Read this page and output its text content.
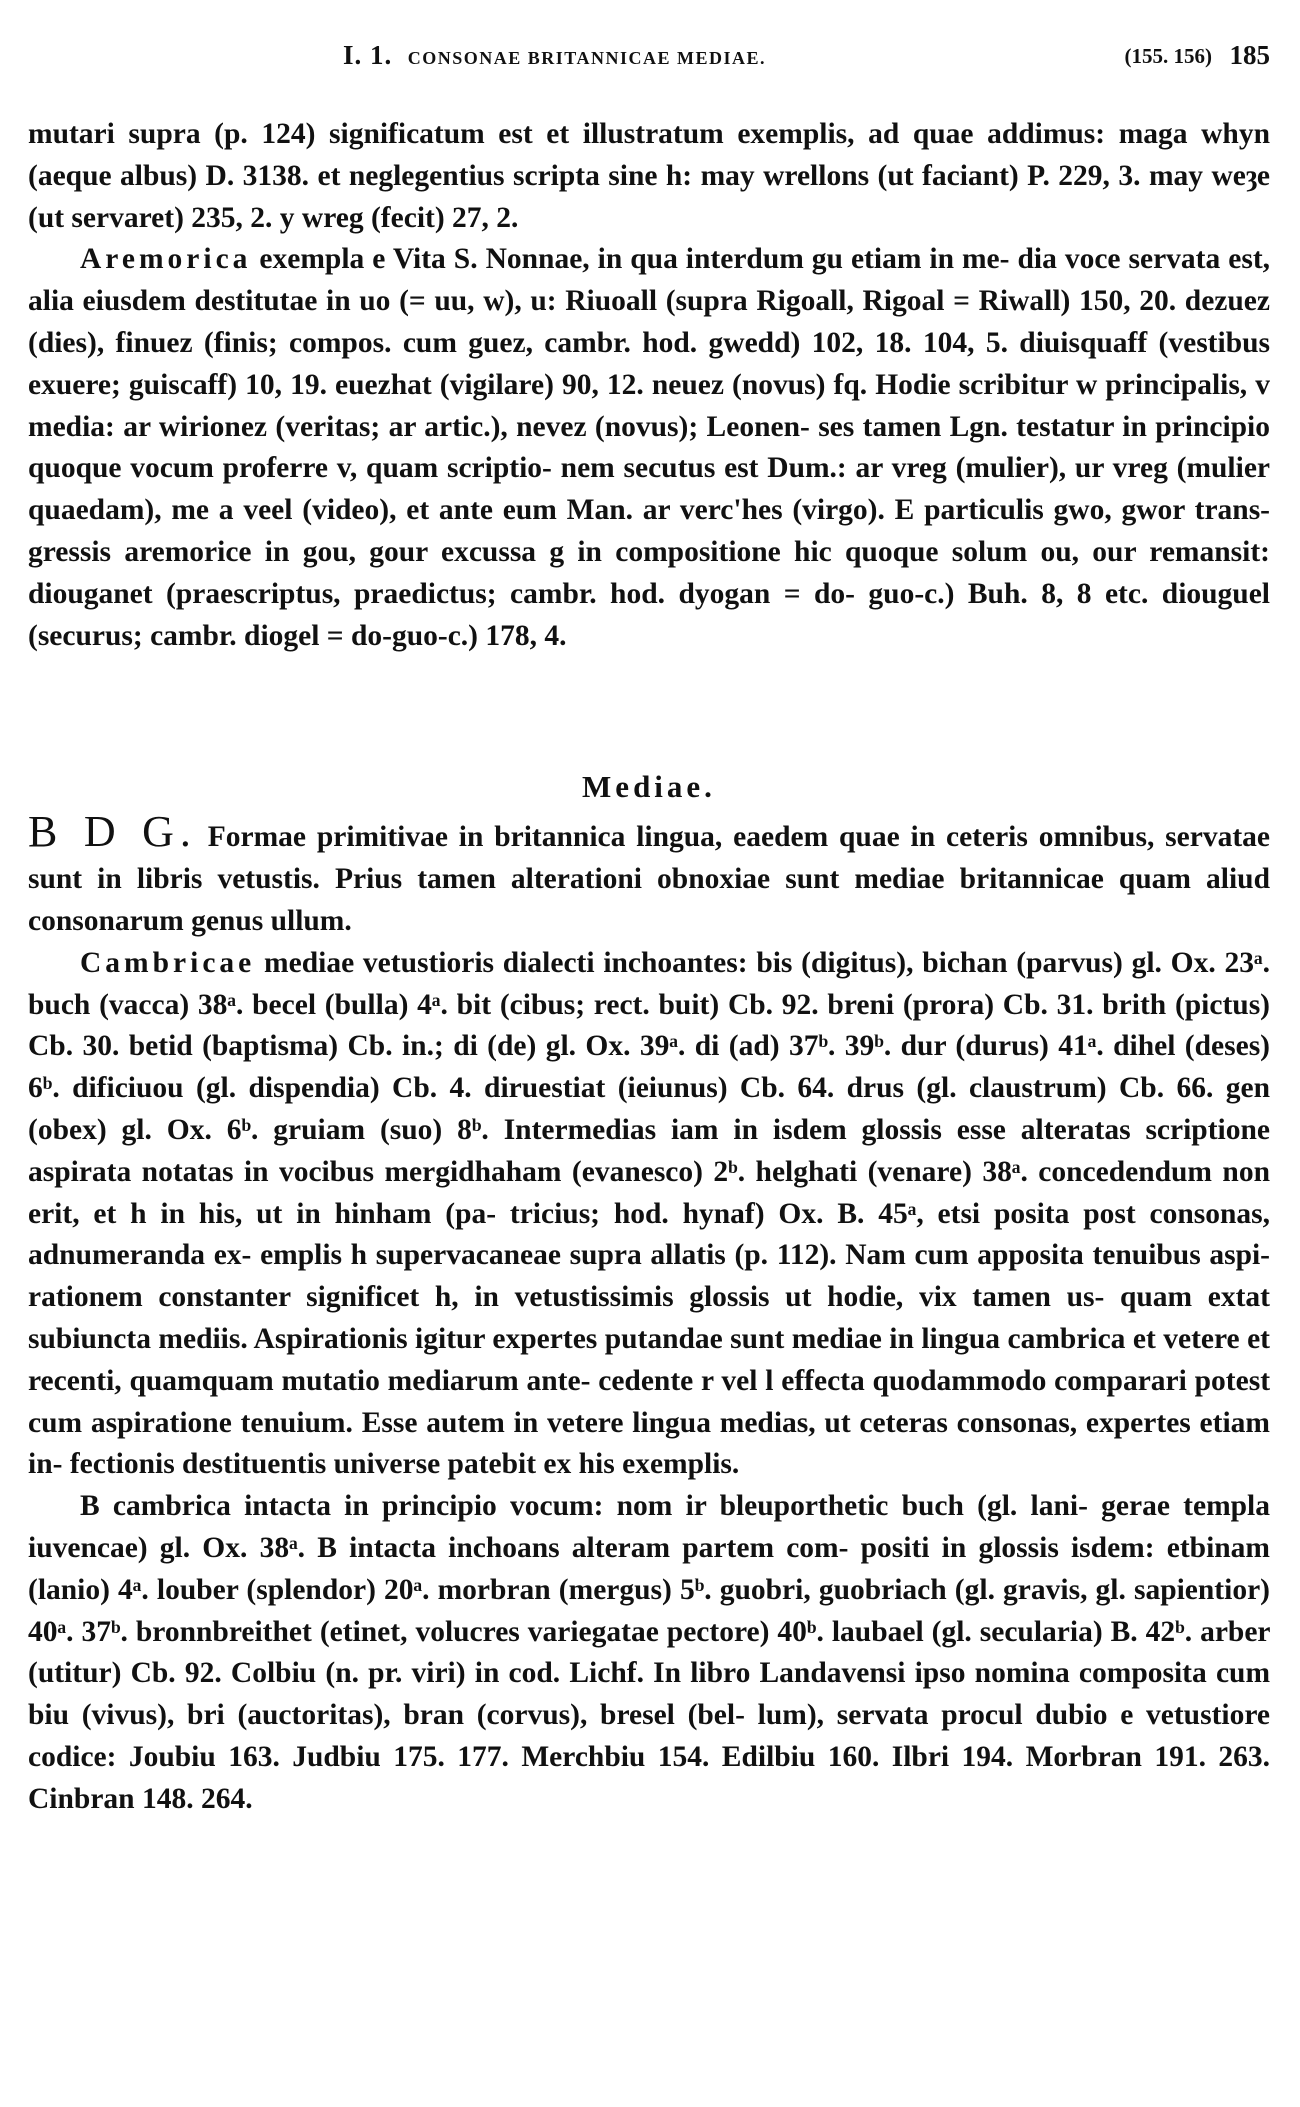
I. 1. CONSONAE BRITANNICAE MEDIAE.	(155. 156) 185

mutari supra (p. 124) significatum est et illustratum exemplis, ad quae addimus: maga whyn (aeque albus) D. 3138. et neglegentius scripta sine h: may wrellons (ut faciant) P. 229, 3. may weȝe (ut servaret) 235, 2. y wreg (fecit) 27, 2.

Aremorica exempla e Vita S. Nonnae, in qua interdum gu etiam in me- dia voce servata est, alia eiusdem destitutae in uo (= uu, w), u: Riuoall (supra Rigoall, Rigoal = Riwall) 150, 20. dezuez (dies), finuez (finis; compos. cum guez, cambr. hod. gwedd) 102, 18. 104, 5. diuisquaff (vestibus exuere; guiscaff) 10, 19. euezhat (vigilare) 90, 12. neuez (novus) fq. Hodie scribitur w principalis, v media: ar wirionez (veritas; ar artic.), nevez (novus); Leonen- ses tamen Lgn. testatur in principio quoque vocum proferre v, quam scriptio- nem secutus est Dum.: ar vreg (mulier), ur vreg (mulier quaedam), me a veel (video), et ante eum Man. ar verc'hes (virgo). E particulis gwo, gwor trans- gressis aremorice in gou, gour excussa g in compositione hic quoque solum ou, our remansit: diouganet (praescriptus, praedictus; cambr. hod. dyogan = do- guo-c.) Buh. 8, 8 etc. diouguel (securus; cambr. diogel = do-guo-c.) 178, 4.

Mediae.

B D G. Formae primitivae in britannica lingua, eaedem quae in ceteris omnibus, servatae sunt in libris vetustis. Prius tamen alterationi obnoxiae sunt mediae britannicae quam aliud consonarum genus ullum.

Cambricae mediae vetustioris dialecti inchoantes: bis (digitus), bichan (parvus) gl. Ox. 23ᵃ. buch (vacca) 38ᵃ. becel (bulla) 4ᵃ. bit (cibus; rect. buit) Cb. 92. breni (prora) Cb. 31. brith (pictus) Cb. 30. betid (baptisma) Cb. in.; di (de) gl. Ox. 39ᵃ. di (ad) 37ᵇ. 39ᵇ. dur (durus) 41ᵃ. dihel (deses) 6ᵇ. dificiuou (gl. dispendia) Cb. 4. diruestiat (ieiunus) Cb. 64. drus (gl. claustrum) Cb. 66. gen (obex) gl. Ox. 6ᵇ. gruiam (suo) 8ᵇ. Intermedias iam in isdem glossis esse alteratas scriptione aspirata notatas in vocibus mergidhaham (evanesco) 2ᵇ. helghati (venare) 38ᵃ. concedendum non erit, et h in his, ut in hinham (pa- tricius; hod. hynaf) Ox. B. 45ᵃ, etsi posita post consonas, adnumeranda ex- emplis h supervacaneae supra allatis (p. 112). Nam cum apposita tenuibus aspi- rationem constanter significet h, in vetustissimis glossis ut hodie, vix tamen us- quam extat subiuncta mediis. Aspirationis igitur expertes putandae sunt mediae in lingua cambrica et vetere et recenti, quamquam mutatio mediarum ante- cedente r vel l effecta quodammodo comparari potest cum aspiratione tenuium. Esse autem in vetere lingua medias, ut ceteras consonas, expertes etiam in- fectionis destituentis universe patebit ex his exemplis.

B cambrica intacta in principio vocum: nom ir bleuporthetic buch (gl. lani- gerae templa iuvencae) gl. Ox. 38ᵃ. B intacta inchoans alteram partem com- positi in glossis isdem: etbinam (lanio) 4ᵃ. louber (splendor) 20ᵃ. morbran (mergus) 5ᵇ. guobri, guobriach (gl. gravis, gl. sapientior) 40ᵃ. 37ᵇ. bronnbreithet (etinet, volucres variegatae pectore) 40ᵇ. laubael (gl. secularia) B. 42ᵇ. arber (utitur) Cb. 92. Colbiu (n. pr. viri) in cod. Lichf. In libro Landavensi ipso nomina composita cum biu (vivus), bri (auctoritas), bran (corvus), bresel (bel- lum), servata procul dubio e vetustiore codice: Joubiu 163. Judbiu 175. 177. Merchbiu 154. Edilbiu 160. Ilbri 194. Morbran 191. 263. Cinbran 148. 264.
